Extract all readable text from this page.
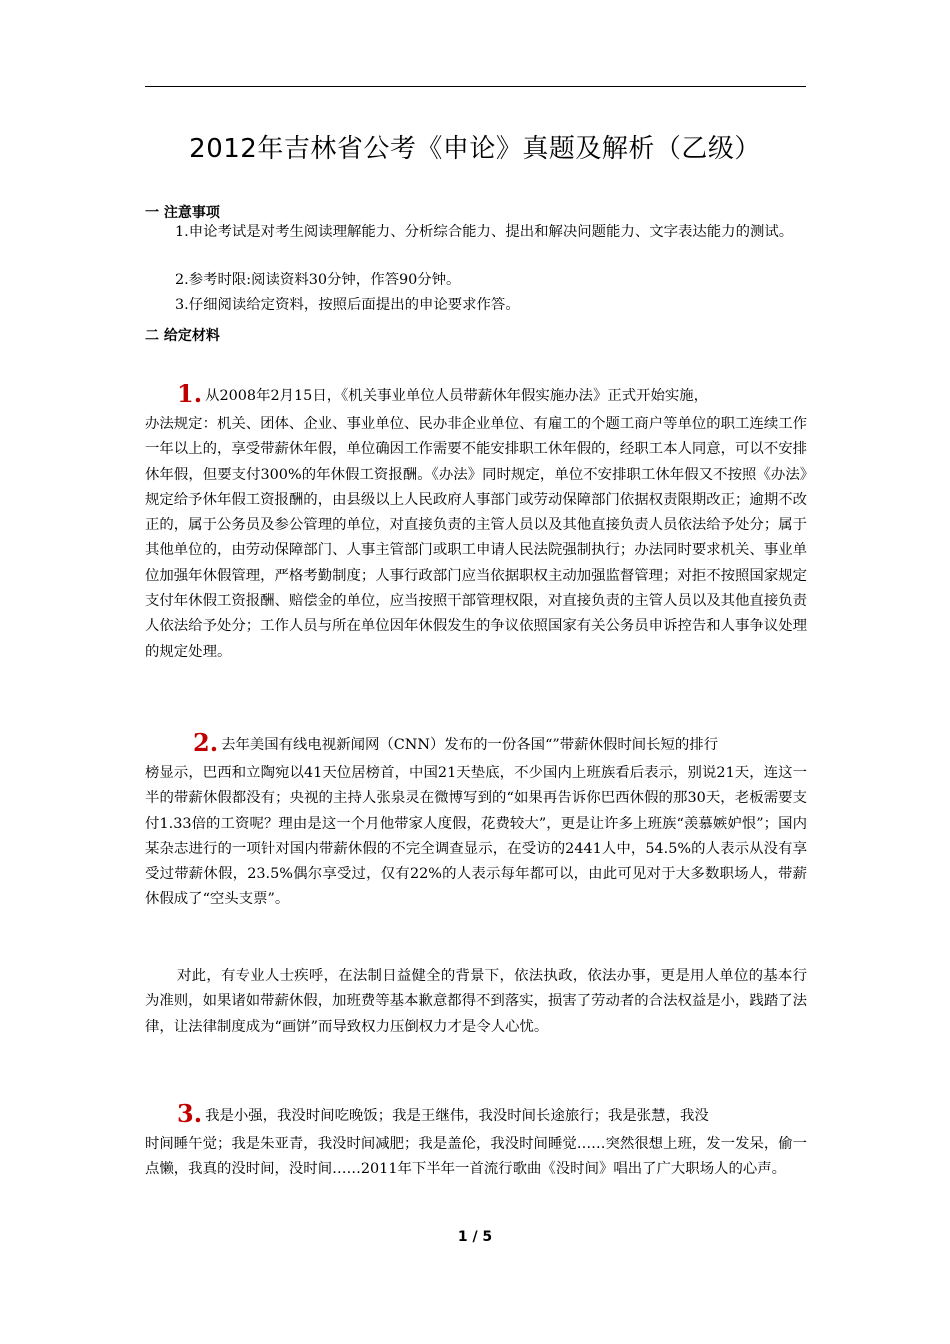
2012年吉林省公考《申论》真题及解析（乙级）
一 注意事项
1.申论考试是对考生阅读理解能力、分析综合能力、提出和解决问题能力、文字表达能力的测试。
2.参考时限:阅读资料30分钟，作答90分钟。
3.仔细阅读给定资料，按照后面提出的申论要求作答。
二 给定材料
1. 从2008年2月15日，《机关事业单位人员带薪休年假实施办法》正式开始实施，
办法规定：机关、团体、企业、事业单位、民办非企业单位、有雇工的个题工商户等单位的职工连续工作一年以上的，享受带薪休年假，单位确因工作需要不能安排职工休年假的，经职工本人同意，可以不安排休年假，但要支付300%的年休假工资报酬。《办法》同时规定，单位不安排职工休年假又不按照《办法》规定给予休年假工资报酬的，由县级以上人民政府人事部门或劳动保障部门依据权责限期改正；逾期不改正的，属于公务员及参公管理的单位，对直接负责的主管人员以及其他直接负责人员依法给予处分；属于其他单位的，由劳动保障部门、人事主管部门或职工申请人民法院强制执行；办法同时要求机关、事业单位加强年休假管理，严格考勤制度；人事行政部门应当依据职权主动加强监督管理；对拒不按照国家规定支付年休假工资报酬、赔偿金的单位，应当按照干部管理权限，对直接负责的主管人员以及其他直接负责人依法给予处分；工作人员与所在单位因年休假发生的争议依照国家有关公务员申诉控告和人事争议处理的规定处理。
2. 去年美国有线电视新闻网（CNN）发布的一份各国“”带薪休假时间长短的排行
榜显示，巴西和立陶宛以41天位居榜首，中国21天垫底，不少国内上班族看后表示，别说21天，连这一半的带薪休假都没有；央视的主持人张泉灵在微博写到的“如果再告诉你巴西休假的那30天，老板需要支付1.33倍的工资呢？理由是这一个月他带家人度假，花费较大”，更是让许多上班族“羡慕嫉妒恨”；国内某杂志进行的一项针对国内带薪休假的不完全调查显示，在受访的2441人中，54.5%的人表示从没有享受过带薪休假，23.5%偶尔享受过，仅有22%的人表示每年都可以，由此可见对于大多数职场人，带薪休假成了“空头支票”。
对此，有专业人士疾呼，在法制日益健全的背景下，依法执政，依法办事，更是用人单位的基本行为准则，如果诸如带薪休假，加班费等基本歉意都得不到落实，损害了劳动者的合法权益是小，践踏了法律，让法律制度成为“画饼”而导致权力压倒权力才是令人心忧。
3. 我是小强，我没时间吃晚饭；我是王继伟，我没时间长途旅行；我是张慧，我没
时间睡午觉；我是朱亚青，我没时间减肥；我是盖伦，我没时间睡觉……突然很想上班，发一发呆，偷一点懒，我真的没时间，没时间……2011年下半年一首流行歌曲《没时间》唱出了广大职场人的心声。
1 / 5
